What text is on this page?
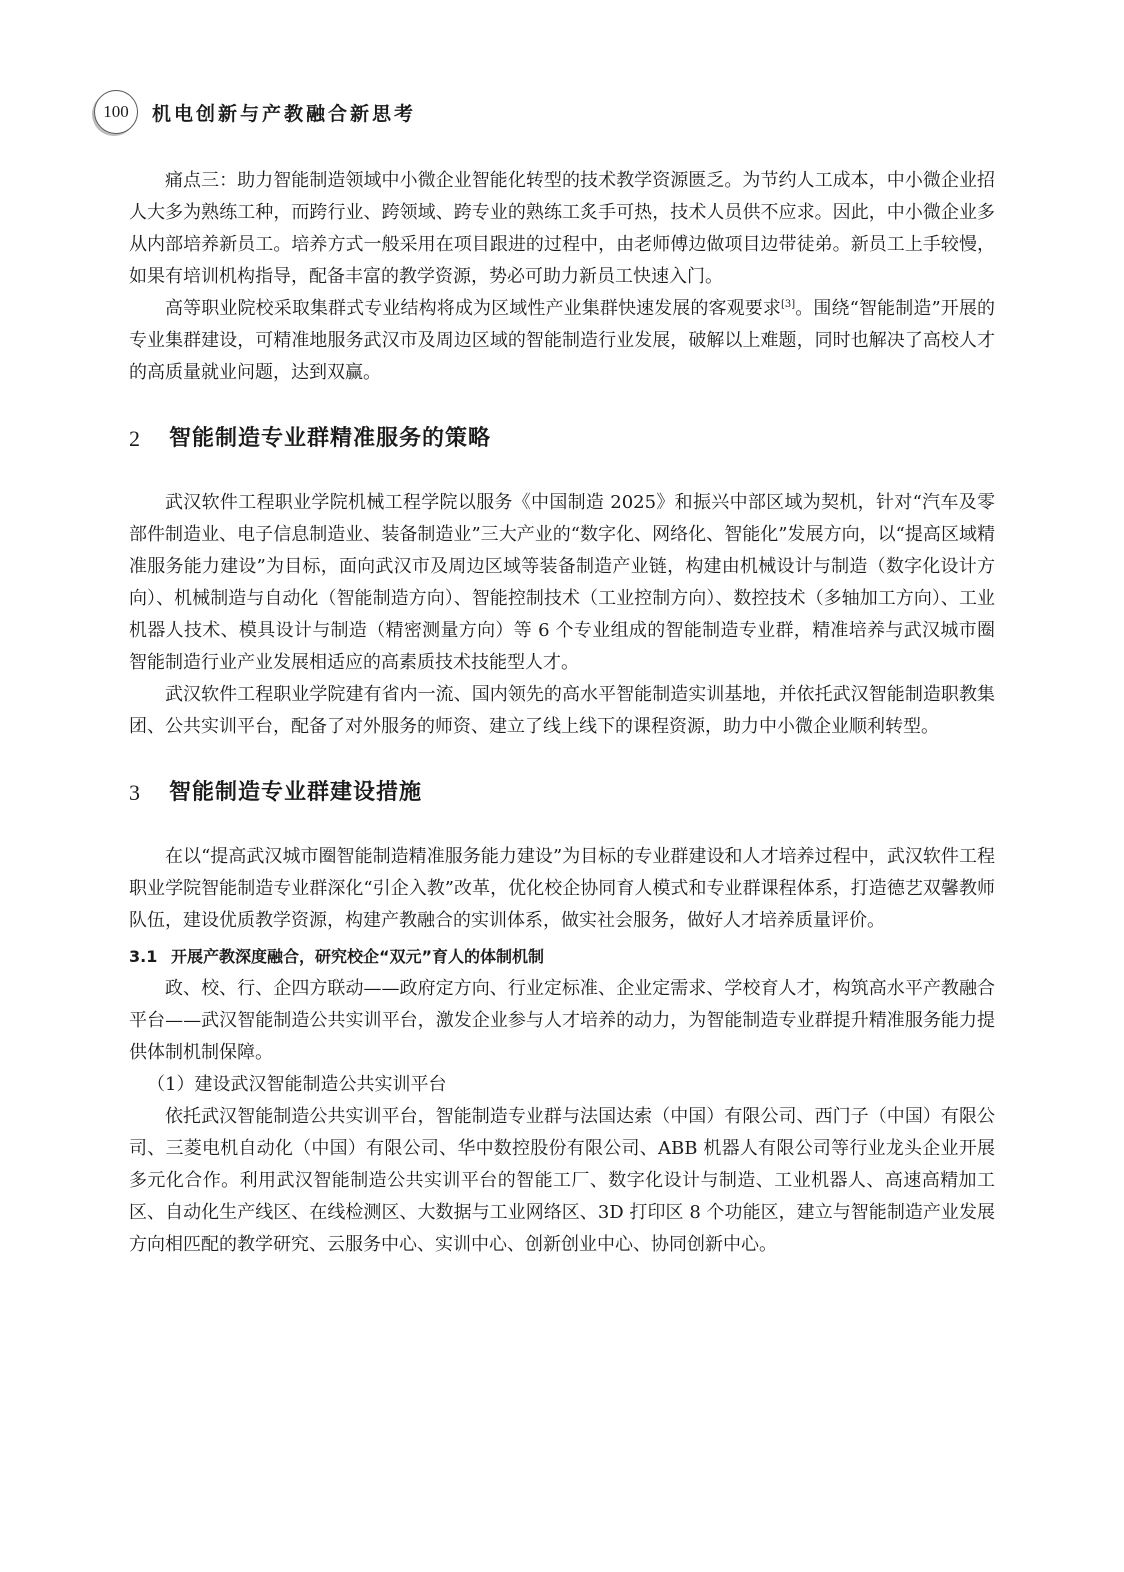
100	机电创新与产教融合新思考

痛点三：助力智能制造领域中小微企业智能化转型的技术教学资源匮乏。为节约人工成本，中小微企业招人大多为熟练工种，而跨行业、跨领域、跨专业的熟练工炙手可热，技术人员供不应求。因此，中小微企业多从内部培养新员工。培养方式一般采用在项目跟进的过程中，由老师傅边做项目边带徒弟。新员工上手较慢，如果有培训机构指导，配备丰富的教学资源，势必可助力新员工快速入门。

高等职业院校采取集群式专业结构将成为区域性产业集群快速发展的客观要求[3]。围绕“智能制造”开展的专业集群建设，可精准地服务武汉市及周边区域的智能制造行业发展，破解以上难题，同时也解决了高校人才的高质量就业问题，达到双赢。

2	智能制造专业群精准服务的策略

武汉软件工程职业学院机械工程学院以服务《中国制造 2025》和振兴中部区域为契机，针对“汽车及零部件制造业、电子信息制造业、装备制造业”三大产业的“数字化、网络化、智能化”发展方向，以“提高区域精准服务能力建设”为目标，面向武汉市及周边区域等装备制造产业链，构建由机械设计与制造（数字化设计方向）、机械制造与自动化（智能制造方向）、智能控制技术（工业控制方向）、数控技术（多轴加工方向）、工业机器人技术、模具设计与制造（精密测量方向）等 6 个专业组成的智能制造专业群，精准培养与武汉城市圈智能制造行业产业发展相适应的高素质技术技能型人才。

武汉软件工程职业学院建有省内一流、国内领先的高水平智能制造实训基地，并依托武汉智能制造职教集团、公共实训平台，配备了对外服务的师资、建立了线上线下的课程资源，助力中小微企业顺利转型。

3	智能制造专业群建设措施

在以“提高武汉城市圈智能制造精准服务能力建设”为目标的专业群建设和人才培养过程中，武汉软件工程职业学院智能制造专业群深化“引企入教”改革，优化校企协同育人模式和专业群课程体系，打造德艺双馨教师队伍，建设优质教学资源，构建产教融合的实训体系，做实社会服务，做好人才培养质量评价。

3.1 开展产教深度融合，研究校企“双元”育人的体制机制

政、校、行、企四方联动——政府定方向、行业定标准、企业定需求、学校育人才，构筑高水平产教融合平台——武汉智能制造公共实训平台，激发企业参与人才培养的动力，为智能制造专业群提升精准服务能力提供体制机制保障。

（1）建设武汉智能制造公共实训平台

依托武汉智能制造公共实训平台，智能制造专业群与法国达索（中国）有限公司、西门子（中国）有限公司、三菱电机自动化（中国）有限公司、华中数控股份有限公司、ABB 机器人有限公司等行业龙头企业开展多元化合作。利用武汉智能制造公共实训平台的智能工厂、数字化设计与制造、工业机器人、高速高精加工区、自动化生产线区、在线检测区、大数据与工业网络区、3D 打印区 8 个功能区，建立与智能制造产业发展方向相匹配的教学研究、云服务中心、实训中心、创新创业中心、协同创新中心。
